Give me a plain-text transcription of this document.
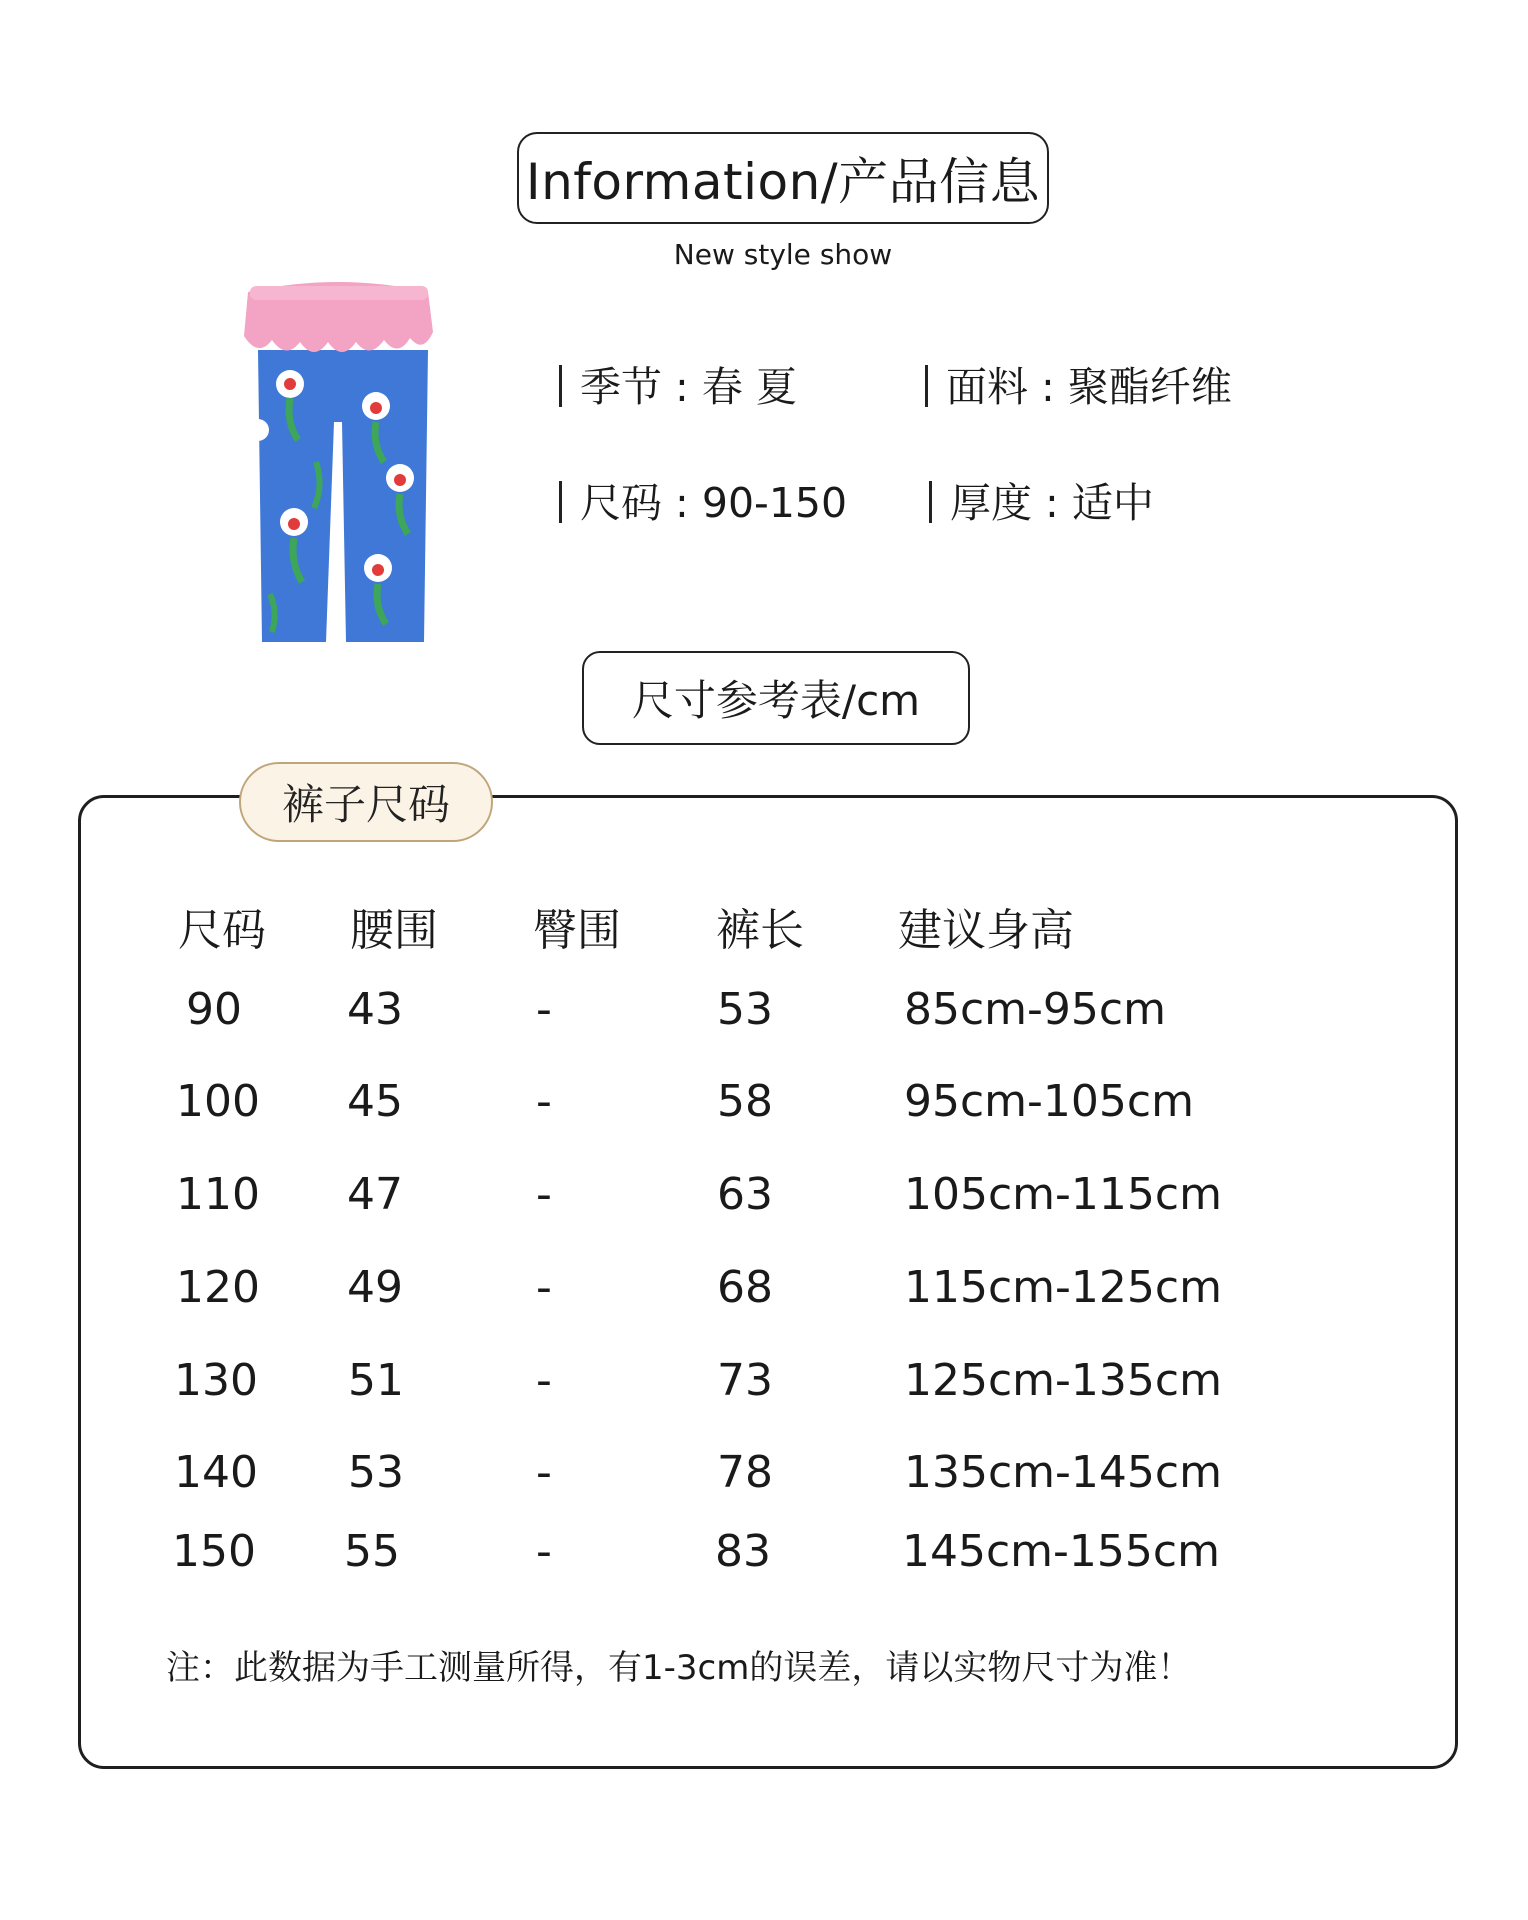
Information/产品信息
New style show
季节 : 春 夏	面料 : 聚酯纤维
尺码 : 90-150	厚度 : 适中
尺寸参考表/cm
裤子尺码
尺码 腰围 臀围 裤长 建议身高
90 43	-	53	85cm-95cm
100 45	-	58	95cm-105cm
110 47	-	63	105cm-115cm
120 49	-	68	115cm-125cm
130 51	-	73	125cm-135cm
140 53	-	78	135cm-145cm
150 55	-	83	145cm-155cm
注：此数据为手工测量所得，有1-3cm的误差，请以实物尺寸为准！
